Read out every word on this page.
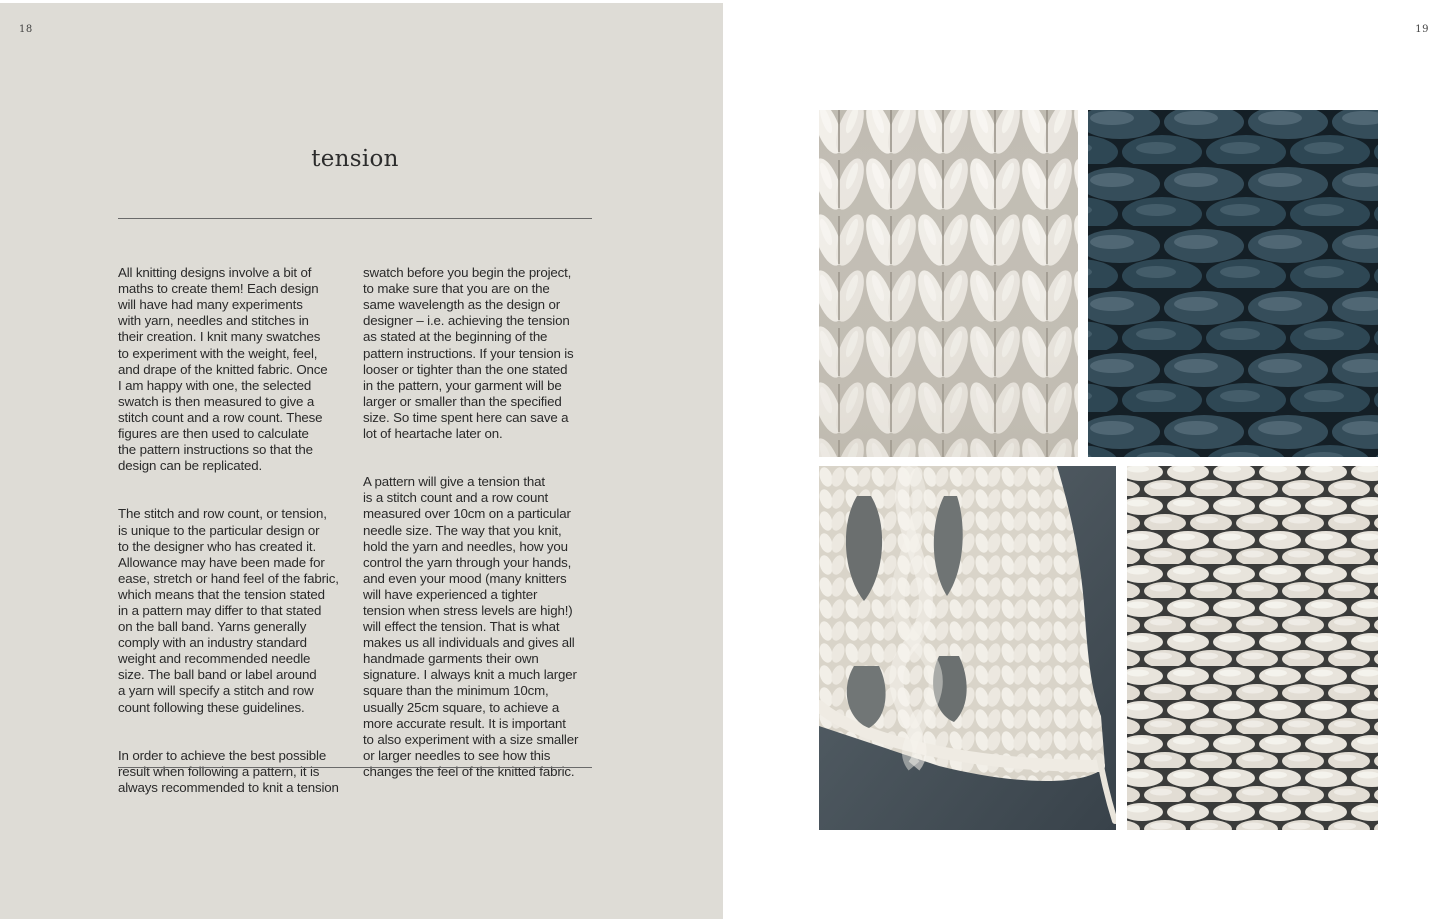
18	19
tension

All knitting designs involve a bit of
maths to create them! Each design
will have had many experiments
with yarn, needles and stitches in
their creation. I knit many swatches
to experiment with the weight, feel,
and drape of the knitted fabric. Once
I am happy with one, the selected
swatch is then measured to give a
stitch count and a row count. These
figures are then used to calculate
the pattern instructions so that the
design can be replicated.

The stitch and row count, or tension,
is unique to the particular design or
to the designer who has created it.
Allowance may have been made for
ease, stretch or hand feel of the fabric,
which means that the tension stated
in a pattern may differ to that stated
on the ball band. Yarns generally
comply with an industry standard
weight and recommended needle
size. The ball band or label around
a yarn will specify a stitch and row
count following these guidelines.

In order to achieve the best possible
result when following a pattern, it is
always recommended to knit a tension

swatch before you begin the project,
to make sure that you are on the
same wavelength as the design or
designer – i.e. achieving the tension
as stated at the beginning of the
pattern instructions. If your tension is
looser or tighter than the one stated
in the pattern, your garment will be
larger or smaller than the specified
size. So time spent here can save a
lot of heartache later on.

A pattern will give a tension that
is a stitch count and a row count
measured over 10cm on a particular
needle size. The way that you knit,
hold the yarn and needles, how you
control the yarn through your hands,
and even your mood (many knitters
will have experienced a tighter
tension when stress levels are high!)
will effect the tension. That is what
makes us all individuals and gives all
handmade garments their own
signature. I always knit a much larger
square than the minimum 10cm,
usually 25cm square, to achieve a
more accurate result. It is important
to also experiment with a size smaller
or larger needles to see how this
changes the feel of the knitted fabric.
